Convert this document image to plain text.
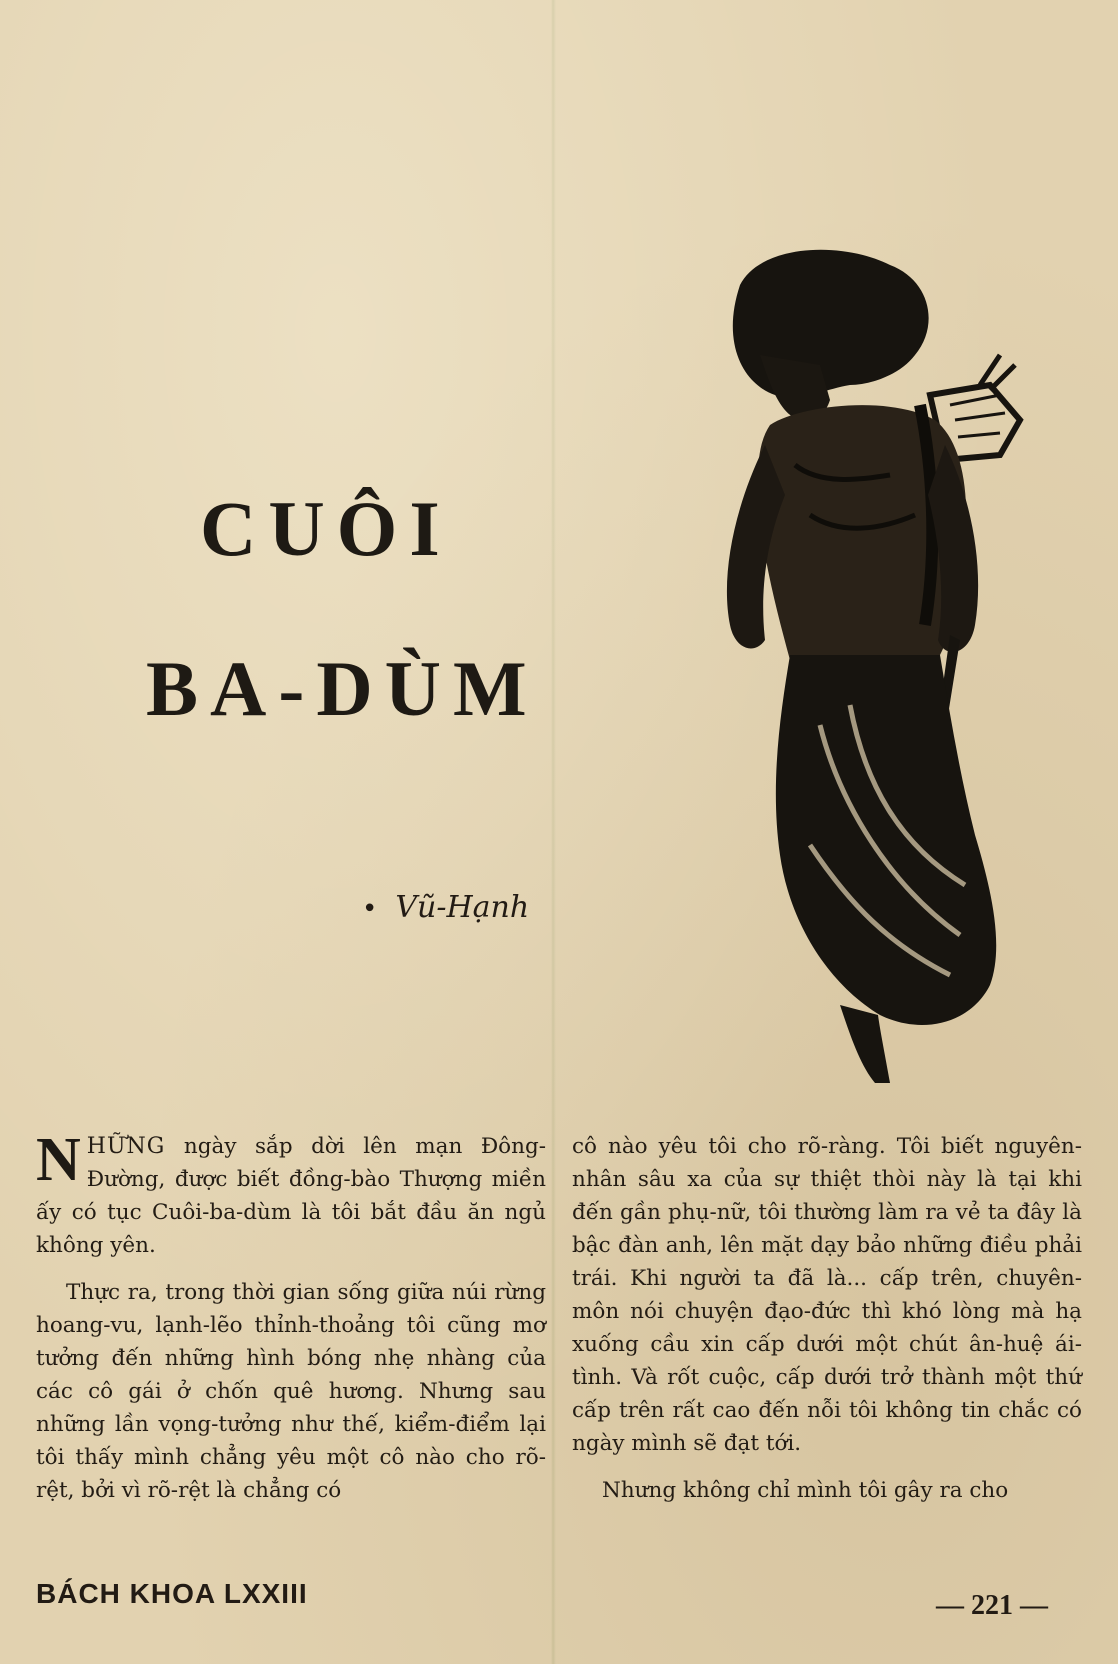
CUÔI
BA-DÙM
• Vũ-Hạnh

NHỮNG ngày sắp dời lên mạn Đông-Đường, được biết đồng-bào Thượng miền ấy có tục Cuôi-ba-dùm là tôi bắt đầu ăn ngủ không yên.

Thực ra, trong thời gian sống giữa núi rừng hoang-vu, lạnh-lẽo thỉnh-thoảng tôi cũng mơ tưởng đến những hình bóng nhẹ nhàng của các cô gái ở chốn quê hương. Nhưng sau những lần vọng-tưởng như thế, kiểm-điểm lại tôi thấy mình chẳng yêu một cô nào cho rõ-rệt, bởi vì rõ-rệt là chẳng có

cô nào yêu tôi cho rõ-ràng. Tôi biết nguyên-nhân sâu xa của sự thiệt thòi này là tại khi đến gần phụ-nữ, tôi thường làm ra vẻ ta đây là bậc đàn anh, lên mặt dạy bảo những điều phải trái. Khi người ta đã là... cấp trên, chuyên-môn nói chuyện đạo-đức thì khó lòng mà hạ xuống cầu xin cấp dưới một chút ân-huệ ái-tình. Và rốt cuộc, cấp dưới trở thành một thứ cấp trên rất cao đến nỗi tôi không tin chắc có ngày mình sẽ đạt tới.

Nhưng không chỉ mình tôi gây ra cho

BÁCH KHOA LXXIII	— 221 —
